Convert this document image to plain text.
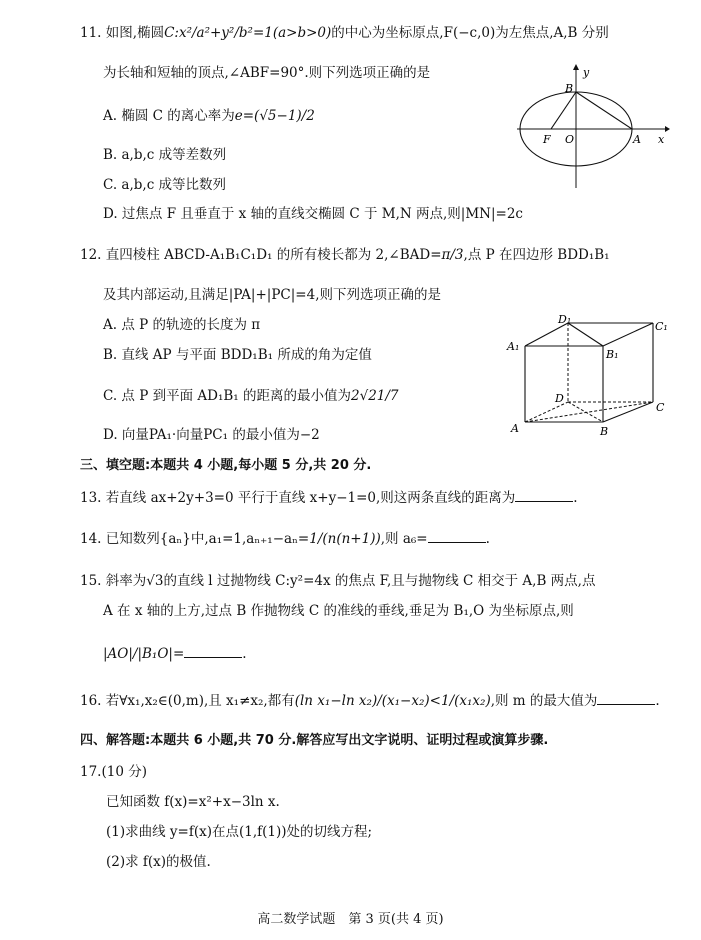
11. 如图,椭圆C:x²/a²+y²/b²=1(a>b>0)的中心为坐标原点,F(−c,0)为左焦点,A,B 分别
为长轴和短轴的顶点,∠ABF=90°.则下列选项正确的是
A. 椭圆 C 的离心率为e=(√5−1)/2
B. a,b,c 成等差数列
C. a,b,c 成等比数列
D. 过焦点 F 且垂直于 x 轴的直线交椭圆 C 于 M,N 两点,则|MN|=2c
y
x
B
F O	A
12. 直四棱柱 ABCD-A₁B₁C₁D₁ 的所有棱长都为 2,∠BAD=π/3,点 P 在四边形 BDD₁B₁
及其内部运动,且满足|PA|+|PC|=4,则下列选项正确的是
A. 点 P 的轨迹的长度为 π
B. 直线 AP 与平面 BDD₁B₁ 所成的角为定值
C. 点 P 到平面 AD₁B₁ 的距离的最小值为2√21/7
D. 向量PA₁·向量PC₁ 的最小值为−2
D₁
C₁
A₁
B₁
D
C
A	B
三、填空题:本题共 4 小题,每小题 5 分,共 20 分.
13. 若直线 ax+2y+3=0 平行于直线 x+y−1=0,则这两条直线的距离为	.
14. 已知数列{aₙ}中,a₁=1,aₙ₊₁−aₙ=1/(n(n+1)),则 a₆=	.
15. 斜率为√3的直线 l 过抛物线 C:y²=4x 的焦点 F,且与抛物线 C 相交于 A,B 两点,点
A 在 x 轴的上方,过点 B 作抛物线 C 的准线的垂线,垂足为 B₁,O 为坐标原点,则
|AO|/|B₁O|=	.
16. 若∀x₁,x₂∈(0,m),且 x₁≠x₂,都有(ln x₁−ln x₂)/(x₁−x₂)<1/(x₁x₂),则 m 的最大值为	.
四、解答题:本题共 6 小题,共 70 分.解答应写出文字说明、证明过程或演算步骤.
17.(10 分)
已知函数 f(x)=x²+x−3ln x.
(1)求曲线 y=f(x)在点(1,f(1))处的切线方程;
(2)求 f(x)的极值.
高二数学试题　第 3 页(共 4 页)
